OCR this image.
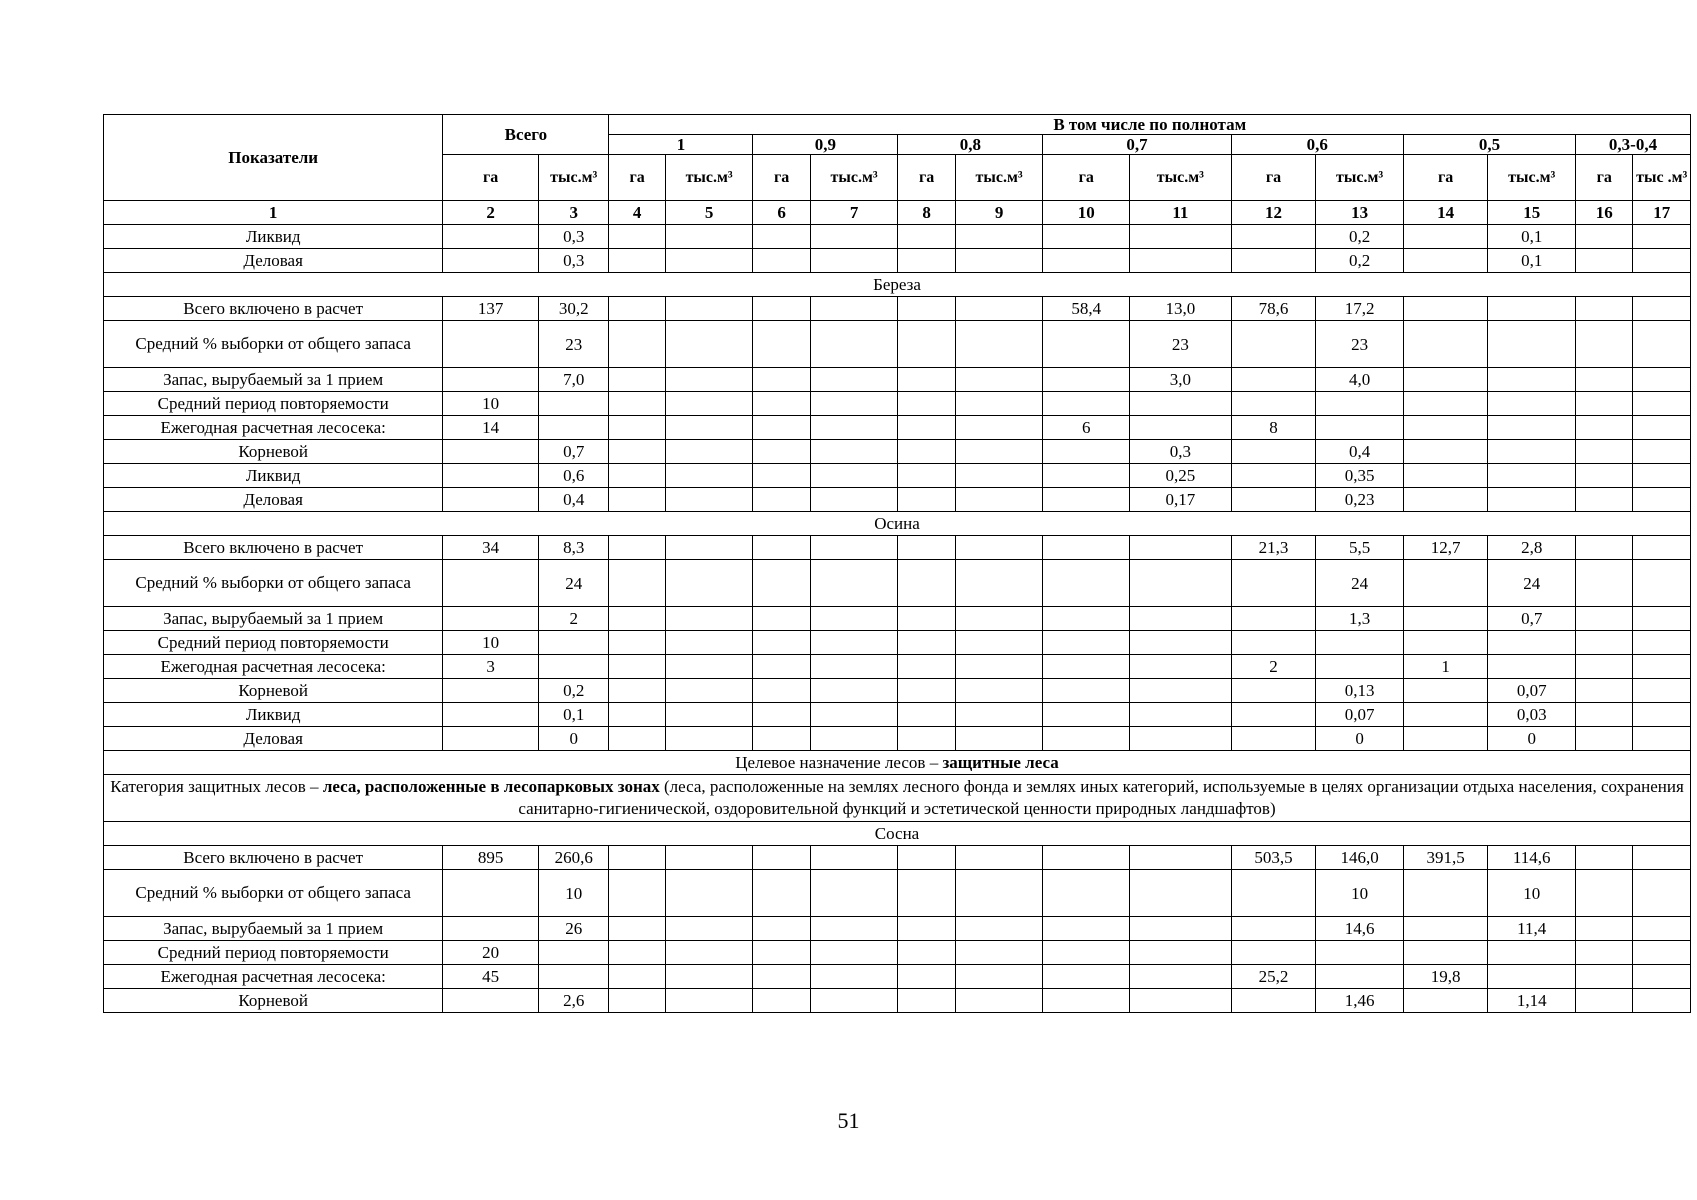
Показатели	Всего		В том числе по полнотам													
			1		0,9		0,8		0,7		0,6		0,5		0,3-0,4	
	га	тыс.м³	га	тыс.м³	га	тыс.м³	га	тыс.м³	га	тыс.м³	га	тыс.м³	га	тыс.м³	га	тыс .м³
1	2	3	4	5	6	7	8	9	10	11	12	13	14	15	16	17
Ликвид		0,3										0,2		0,1		
Деловая		0,3										0,2		0,1		
Береза																
Всего включено в расчет	137	30,2							58,4	13,0	78,6	17,2				
Средний % выборки от общего запаса		23								23		23				
Запас, вырубаемый за 1 прием		7,0								3,0		4,0				
Средний период повторяемости	10															
Ежегодная расчетная лесосека:	14								6		8					
Корневой		0,7								0,3		0,4				
Ликвид		0,6								0,25		0,35				
Деловая		0,4								0,17		0,23				
Осина																
Всего включено в расчет	34	8,3									21,3	5,5	12,7	2,8		
Средний % выборки от общего запаса		24										24		24		
Запас, вырубаемый за 1 прием		2										1,3		0,7		
Средний период повторяемости	10															
Ежегодная расчетная лесосека:	3										2		1			
Корневой		0,2										0,13		0,07		
Ликвид		0,1										0,07		0,03		
Деловая		0										0		0		
Целевое назначение лесов – защитные леса																
Категория защитных лесов – леса, расположенные в лесопарковых зонах (леса, расположенные на землях лесного фонда и землях иных категорий, используемые в целях организации отдыха населения, сохранения санитарно-гигиенической, оздоровительной функций и эстетической ценности природных ландшафтов)																
Сосна																
Всего включено в расчет	895	260,6									503,5	146,0	391,5	114,6		
Средний % выборки от общего запаса		10										10		10		
Запас, вырубаемый за 1 прием		26										14,6		11,4		
Средний период повторяемости	20															
Ежегодная расчетная лесосека:	45										25,2		19,8			
Корневой		2,6										1,46		1,14		
51
